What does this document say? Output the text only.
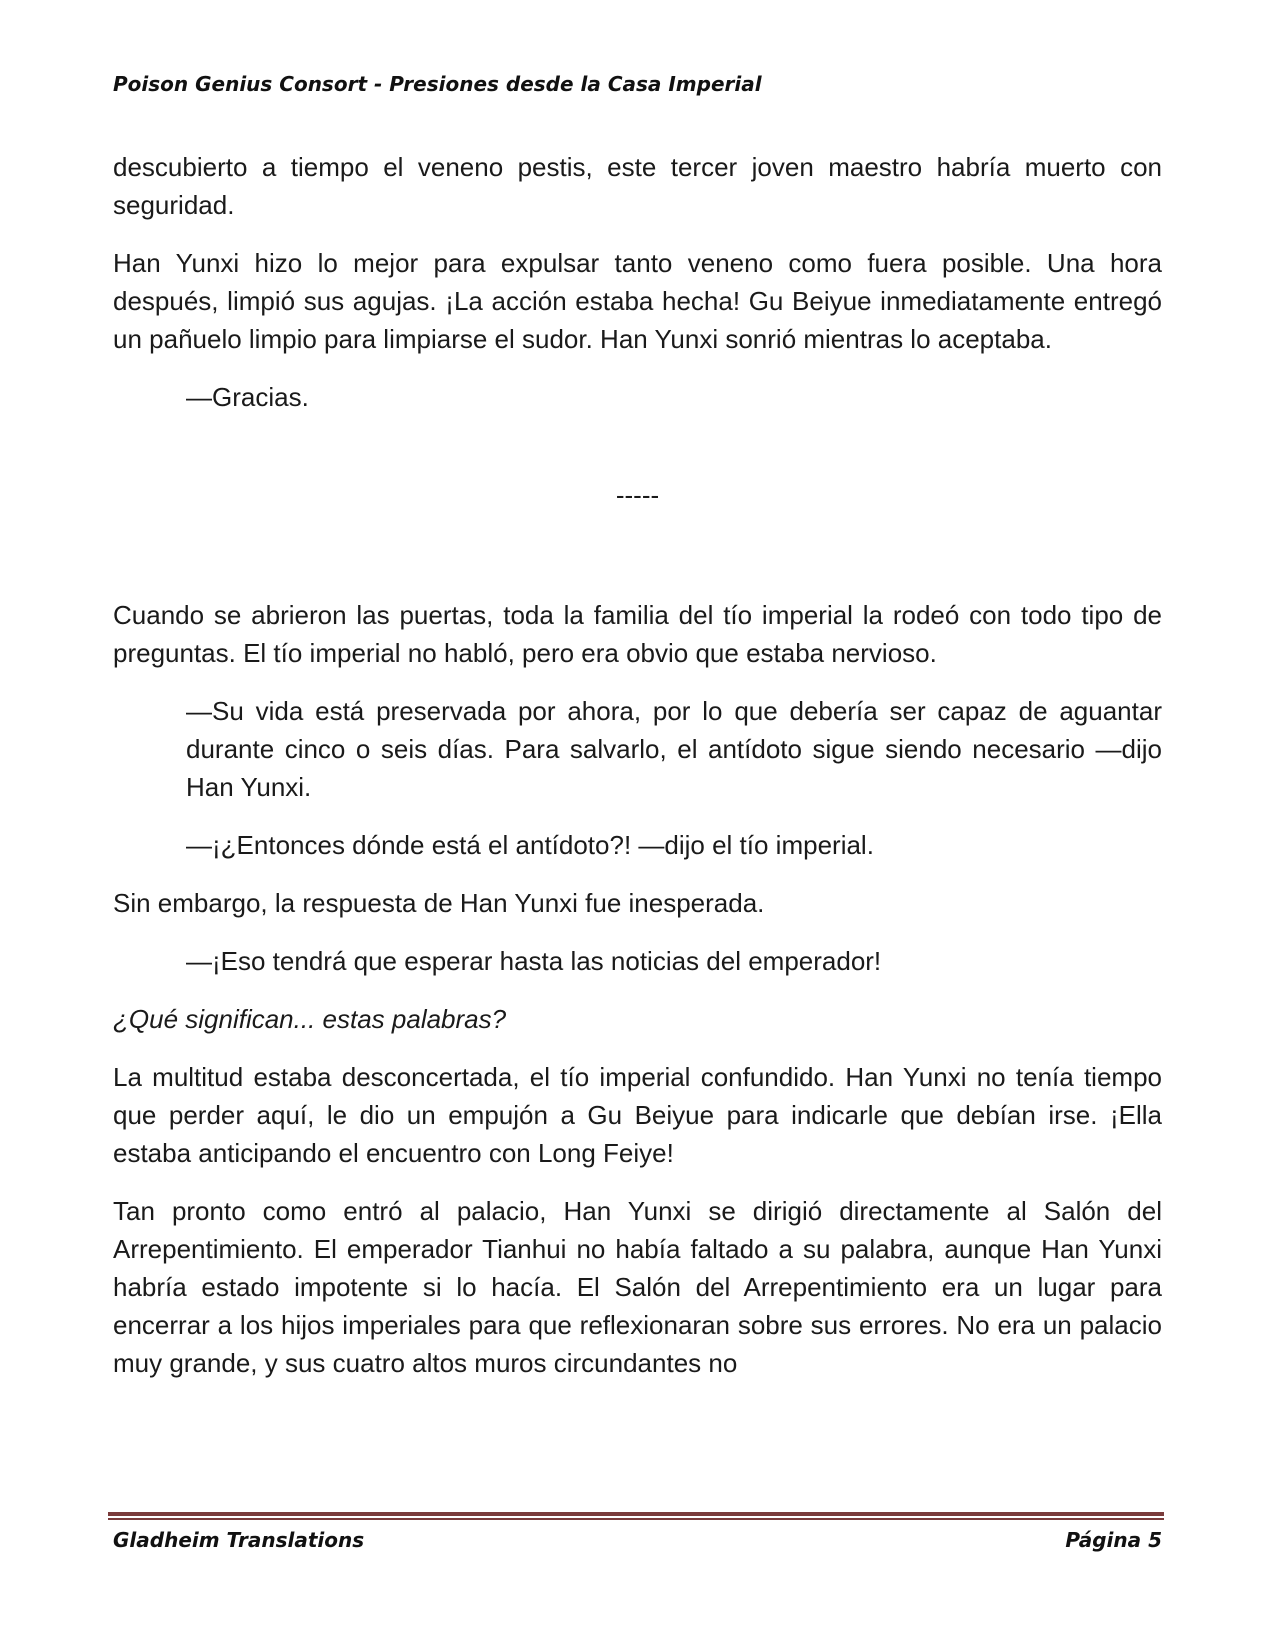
Poison Genius Consort - Presiones desde la Casa Imperial

descubierto a tiempo el veneno pestis, este tercer joven maestro habría muerto con seguridad.

Han Yunxi hizo lo mejor para expulsar tanto veneno como fuera posible. Una hora después, limpió sus agujas. ¡La acción estaba hecha! Gu Beiyue inmediatamente entregó un pañuelo limpio para limpiarse el sudor. Han Yunxi sonrió mientras lo aceptaba.

—Gracias.

-----

Cuando se abrieron las puertas, toda la familia del tío imperial la rodeó con todo tipo de preguntas. El tío imperial no habló, pero era obvio que estaba nervioso.

—Su vida está preservada por ahora, por lo que debería ser capaz de aguantar durante cinco o seis días. Para salvarlo, el antídoto sigue siendo necesario —dijo Han Yunxi.

—¡¿Entonces dónde está el antídoto?! —dijo el tío imperial.

Sin embargo, la respuesta de Han Yunxi fue inesperada.

—¡Eso tendrá que esperar hasta las noticias del emperador!

¿Qué significan... estas palabras?

La multitud estaba desconcertada, el tío imperial confundido. Han Yunxi no tenía tiempo que perder aquí, le dio un empujón a Gu Beiyue para indicarle que debían irse. ¡Ella estaba anticipando el encuentro con Long Feiye!

Tan pronto como entró al palacio, Han Yunxi se dirigió directamente al Salón del Arrepentimiento. El emperador Tianhui no había faltado a su palabra, aunque Han Yunxi habría estado impotente si lo hacía. El Salón del Arrepentimiento era un lugar para encerrar a los hijos imperiales para que reflexionaran sobre sus errores. No era un palacio muy grande, y sus cuatro altos muros circundantes no

Gladheim Translations	Página 5
